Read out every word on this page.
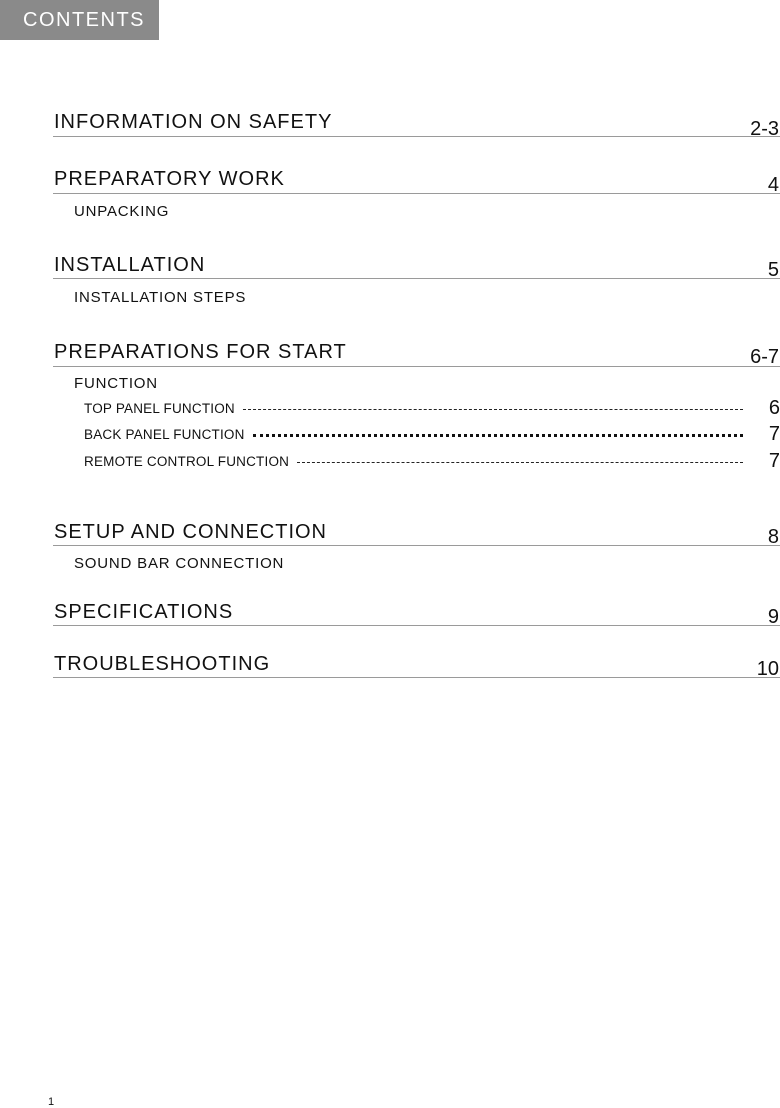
CONTENTS
INFORMATION ON SAFETY	2-3
PREPARATORY WORK	4
UNPACKING
INSTALLATION	5
INSTALLATION STEPS
PREPARATIONS FOR START	6-7
FUNCTION
TOP PANEL FUNCTION	6
BACK PANEL FUNCTION	7
REMOTE CONTROL FUNCTION	7
SETUP AND CONNECTION	8
SOUND BAR CONNECTION
SPECIFICATIONS	9
TROUBLESHOOTING	10
1
